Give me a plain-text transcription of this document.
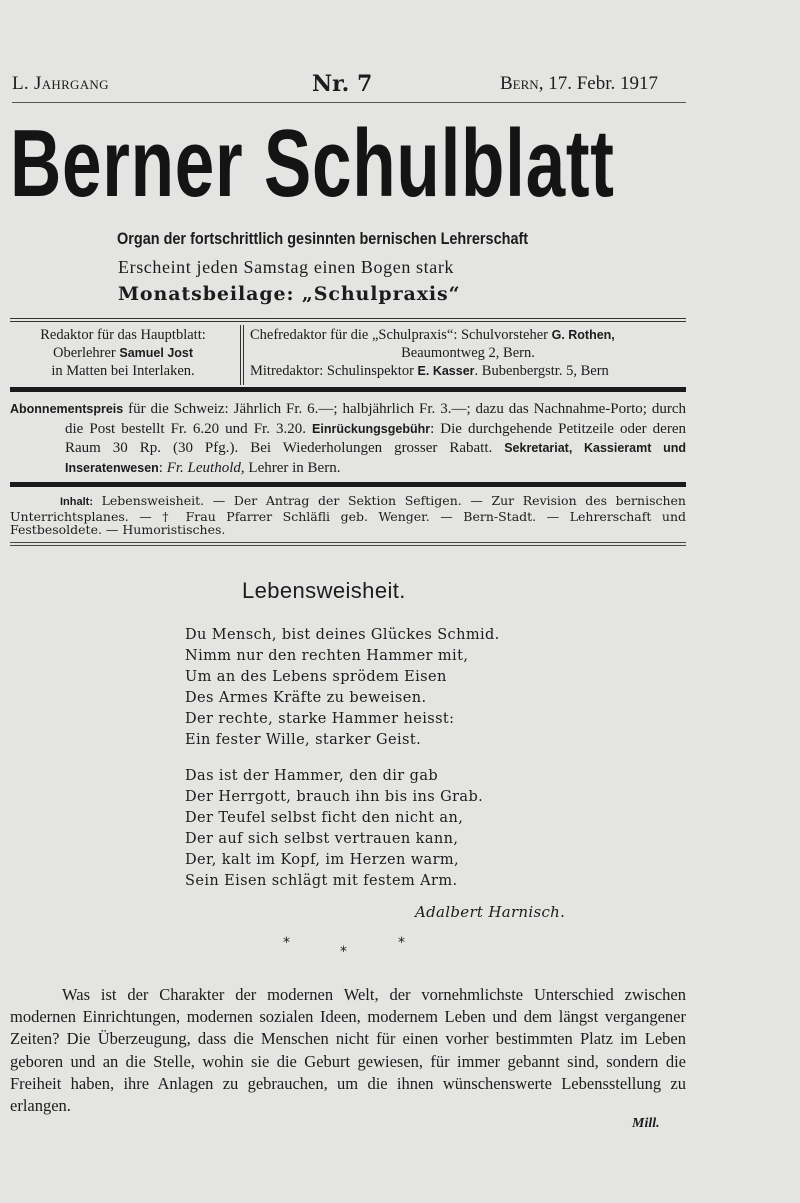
L. Jahrgang	Nr. 7	Bern, 17. Febr. 1917
Berner Schulblatt
Organ der fortschrittlich gesinnten bernischen Lehrerschaft
Erscheint jeden Samstag einen Bogen stark
Monatsbeilage: „Schulpraxis“
Redaktor für das Hauptblatt:
Oberlehrer Samuel Jost
in Matten bei Interlaken.
Chefredaktor für die „Schulpraxis“: Schulvorsteher G. Rothen,
Beaumontweg 2, Bern.
Mitredaktor: Schulinspektor E. Kasser. Bubenbergstr. 5, Bern

Abonnementspreis für die Schweiz: Jährlich Fr. 6.—; halbjährlich Fr. 3.—; dazu das Nachnahme-Porto; durch die Post bestellt Fr. 6.20 und Fr. 3.20. Einrückungsgebühr: Die durchgehende Petitzeile oder deren Raum 30 Rp. (30 Pfg.). Bei Wiederholungen grosser Rabatt. Sekretariat, Kassieramt und Inseratenwesen: Fr. Leuthold, Lehrer in Bern.

Inhalt: Lebensweisheit. — Der Antrag der Sektion Seftigen. — Zur Revision des bernischen Unterrichtsplanes. — † Frau Pfarrer Schläfli geb. Wenger. — Bern-Stadt. — Lehrerschaft und Festbesoldete. — Humoristisches.
Lebensweisheit.
Du Mensch, bist deines Glückes Schmid.
Nimm nur den rechten Hammer mit,
Um an des Lebens sprödem Eisen
Des Armes Kräfte zu beweisen.
Der rechte, starke Hammer heisst:
Ein fester Wille, starker Geist.
Das ist der Hammer, den dir gab
Der Herrgott, brauch ihn bis ins Grab.
Der Teufel selbst ficht den nicht an,
Der auf sich selbst vertrauen kann,
Der, kalt im Kopf, im Herzen warm,
Sein Eisen schlägt mit festem Arm.
Adalbert Harnisch.
*
*
*

Was ist der Charakter der modernen Welt, der vornehmlichste Unterschied zwischen modernen Einrichtungen, modernen sozialen Ideen, modernem Leben und dem längst vergangener Zeiten? Die Überzeugung, dass die Menschen nicht für einen vorher bestimmten Platz im Leben geboren und an die Stelle, wohin sie die Geburt gewiesen, für immer gebannt sind, sondern die Freiheit haben, ihre Anlagen zu gebrauchen, um die ihnen wünschenswerte Lebensstellung zu erlangen.

Mill.
